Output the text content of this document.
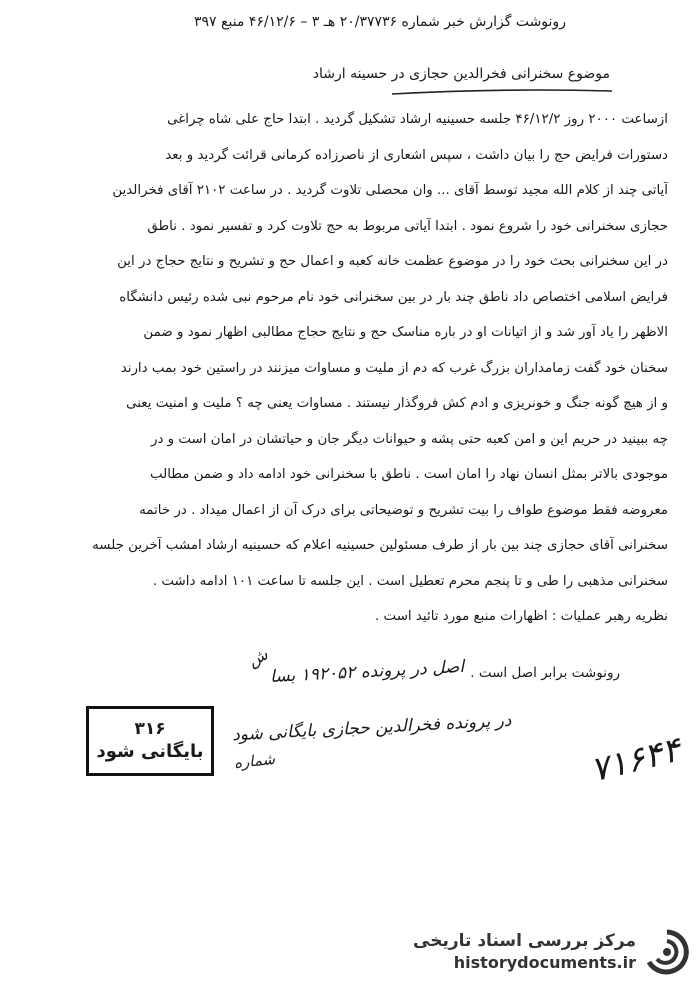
رونوشت گزارش خبر شماره ۲۰/۳۷۷۳۶ هـ ۳ – ۴۶/۱۲/۶ منبع ۳۹۷
موضوع سخنرانی فخرالدین حجازی در حسینه ارشاد
ازساعت ۲۰۰۰ روز ۴۶/۱۲/۲ جلسه حسینیه ارشاد تشکیل گردید . ابتدا حاج علی شاه چراغی
دستورات فرایض حج را بیان داشت ، سپس اشعاری از ناصرزاده کرمانی قرائت گردید و بعد
آیاتی چند از کلام الله مجید توسط آقای ... وان محصلی تلاوت گردید . در ساعت ۲۱۰۲ آقای فخرالدین
حجازی سخنرانی خود را شروع نمود . ابتدا آیاتی مربوط به حج تلاوت کرد و تفسیر نمود . ناطق
در این سخنرانی بحث خود را در موضوع عظمت خانه کعبه و اعمال حج و تشریح و نتایج حجاج در این
فرایض اسلامی اختصاص داد ناطق چند بار در بین سخنرانی خود نام مرحوم نبی شده رئیس دانشگاه
الاظهر را یاد آور شد و از اتیانات او در باره مناسک حج و نتایج حجاج مطالبی اظهار نمود و ضمن
سخنان خود گفت زمامداران بزرگ غرب که دم از ملیت و مساوات میزنند در راستین خود بمب دارند
و از هیچ گونه جنگ و خونریزی و ادم کش فروگذار نیستند . مساوات یعنی چه ؟ ملیت و امنیت یعنی
چه ببینید در حریم این و امن کعبه حتی پشه و حیوانات دیگر جان و حیاتشان در امان است و در
موجودی بالاتر بمثل انسان نهاد را امان است . ناطق با سخنرانی خود ادامه داد و ضمن مطالب
معروضه فقط موضوع طواف را بیت تشریح و توضیحاتی برای درک آن از اعمال میداد . در خاتمه
سخنرانی آقای حجازی چند بین بار از طرف مسئولین حسینیه اعلام که حسینیه ارشاد امشب آخرین جلسه
سخنرانی مذهبی را طی و تا پنجم محرم تعطیل است . این جلسه تا ساعت ۱۰۱ ادامه داشت .
نظریه رهبر عملیات : اظهارات منبع مورد تائید است .
رونوشت برابر اصل است .
اصل در پرونده ۱۹۲۰۵۲ بسا
ش
۳۱۶
بایگانی شود
در پرونده فخرالدین حجازی بایگانی شود
شماره	۷۱۶۴۴
مرکز بررسی اسناد تاریخی
historydocuments.ir
